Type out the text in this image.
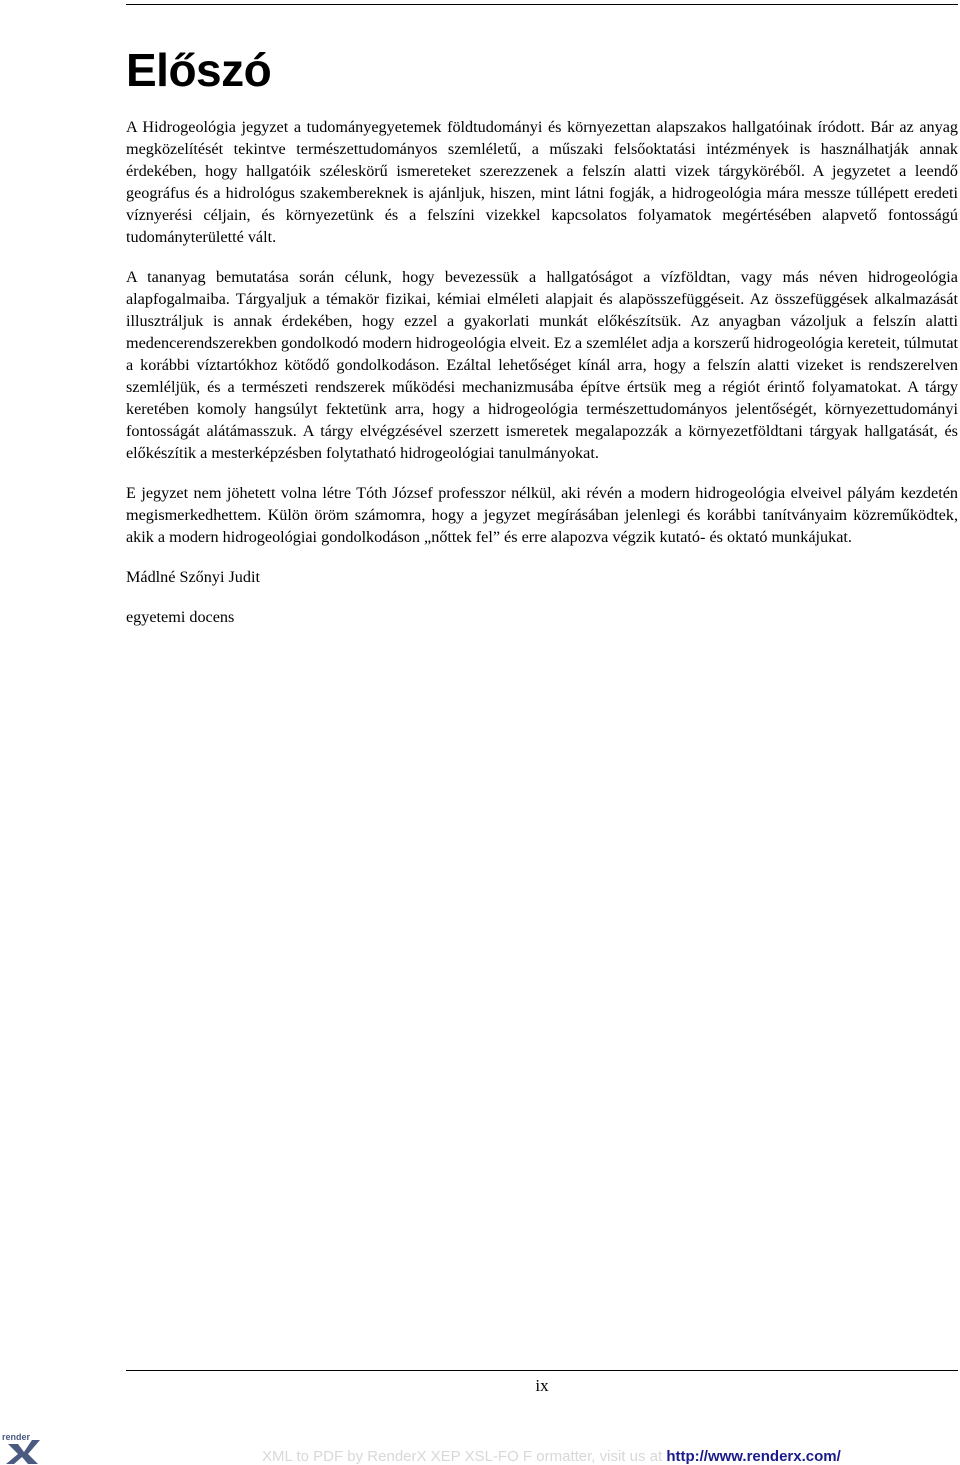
Előszó

A Hidrogeológia jegyzet a tudományegyetemek földtudományi és környezettan alapszakos hallgatóinak íródott. Bár az anyag megközelítését tekintve természettudományos szemléletű, a műszaki felsőoktatási intézmények is használhatják annak érdekében, hogy hallgatóik széleskörű ismereteket szerezzenek a felszín alatti vizek tárgyköréből. A jegyzetet a leendő geográfus és a hidrológus szakembereknek is ajánljuk, hiszen, mint látni fogják, a hidrogeológia mára messze túllépett eredeti víznyerési céljain, és környezetünk és a felszíni vizekkel kapcsolatos folyamatok megértésében alapvető fontosságú tudományterületté vált.

A tananyag bemutatása során célunk, hogy bevezessük a hallgatóságot a vízföldtan, vagy más néven hidrogeológia alapfogalmaiba. Tárgyaljuk a témakör fizikai, kémiai elméleti alapjait és alapösszefüggéseit. Az összefüggések alkalmazását illusztráljuk is annak érdekében, hogy ezzel a gyakorlati munkát előkészítsük. Az anyagban vázoljuk a felszín alatti medencerendszerekben gondolkodó modern hidrogeológia elveit. Ez a szemlélet adja a korszerű hidrogeológia kereteit, túlmutat a korábbi víztartókhoz kötődő gondolkodáson. Ezáltal lehetőséget kínál arra, hogy a felszín alatti vizeket is rendszerelven szemléljük, és a természeti rendszerek működési mechanizmusába építve értsük meg a régiót érintő folyamatokat. A tárgy keretében komoly hangsúlyt fektetünk arra, hogy a hidrogeológia természettudományos jelentőségét, környezettudományi fontosságát alátámasszuk. A tárgy elvégzésével szerzett ismeretek megalapozzák a környezetföldtani tárgyak hallgatását, és előkészítik a mesterképzésben folytatható hidrogeológiai tanulmányokat.

E jegyzet nem jöhetett volna létre Tóth József professzor nélkül, aki révén a modern hidrogeológia elveivel pályám kezdetén megismerkedhettem. Külön öröm számomra, hogy a jegyzet megírásában jelenlegi és korábbi tanítványaim közreműködtek, akik a modern hidrogeológiai gondolkodáson „nőttek fel” és erre alapozva végzik kutató- és oktató munkájukat.

Mádlné Szőnyi Judit

egyetemi docens

ix
render
XML to PDF by RenderX XEP XSL-FO F ormatter, visit us at http://www.renderx.com/
